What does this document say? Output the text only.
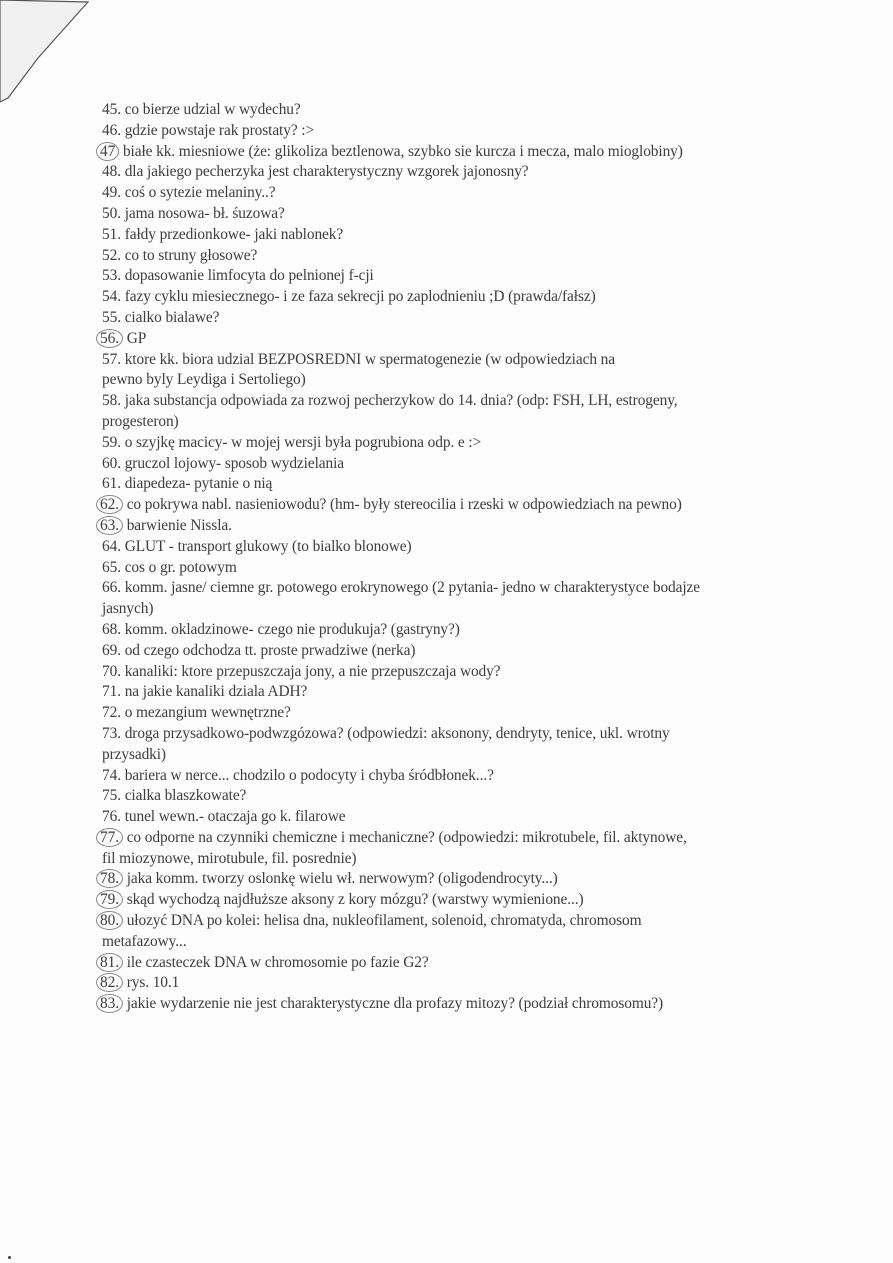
45. co bierze udzial w wydechu?

46. gdzie powstaje rak prostaty? :>

47 białe kk. miesniowe (że: glikoliza beztlenowa, szybko sie kurcza i mecza, malo mioglobiny)

48. dla jakiego pecherzyka jest charakterystyczny wzgorek jajonosny?

49. coś o sytezie melaniny..?

50. jama nosowa- bł. śuzowa?

51. fałdy przedionkowe- jaki nablonek?

52. co to struny głosowe?

53. dopasowanie limfocyta do pelnionej f-cji

54. fazy cyklu miesiecznego- i ze faza sekrecji po zaplodnieniu ;D (prawda/fałsz)

55. cialko bialawe?

56. GP

57. ktore kk. biora udzial BEZPOSREDNI w spermatogenezie (w odpowiedziach na

pewno byly Leydiga i Sertoliego)

58. jaka substancja odpowiada za rozwoj pecherzykow do 14. dnia? (odp: FSH, LH, estrogeny, progesteron)

59. o szyjkę macicy- w mojej wersji była pogrubiona odp. e :>

60. gruczol lojowy- sposob wydzielania

61. diapedeza- pytanie o nią

62. co pokrywa nabl. nasieniowodu? (hm- były stereocilia i rzeski w odpowiedziach na pewno)

63. barwienie Nissla.

64. GLUT - transport glukowy (to bialko blonowe)

65. cos o gr. potowym

66. komm. jasne/ ciemne gr. potowego erokrynowego (2 pytania- jedno w charakterystyce bodajze jasnych)

68. komm. okladzinowe- czego nie produkuja? (gastryny?)

69. od czego odchodza tt. proste prwadziwe (nerka)

70. kanaliki: ktore przepuszczaja jony, a nie przepuszczaja wody?

71. na jakie kanaliki dziala ADH?

72. o mezangium wewnętrzne?

73. droga przysadkowo-podwzgózowa? (odpowiedzi: aksonony, dendryty, tenice, ukl. wrotny przysadki)

74. bariera w nerce... chodzilo o podocyty i chyba śródbłonek...?

75. cialka blaszkowate?

76. tunel wewn.- otaczaja go k. filarowe

77. co odporne na czynniki chemiczne i mechaniczne? (odpowiedzi: mikrotubele, fil. aktynowe, fil miozynowe, mirotubule, fil. posrednie)

78. jaka komm. tworzy oslonkę wielu wł. nerwowym? (oligodendrocyty...)

79. skąd wychodzą najdłuższe aksony z kory mózgu? (warstwy wymienione...)

80. ułozyć DNA po kolei: helisa dna, nukleofilament, solenoid, chromatyda, chromosom metafazowy...

81. ile czasteczek DNA w chromosomie po fazie G2?

82. rys. 10.1

83. jakie wydarzenie nie jest charakterystyczne dla profazy mitozy? (podział chromosomu?)
